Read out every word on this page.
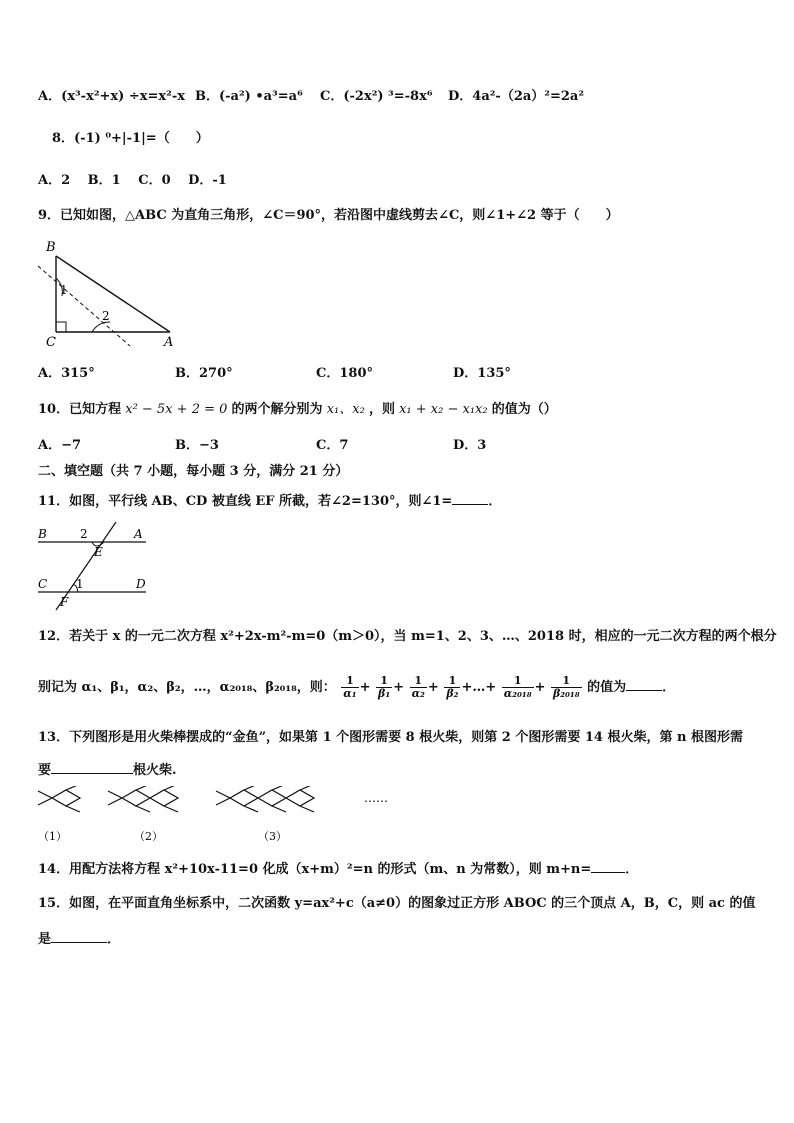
A．(x³-x²+x) ÷x=x²-x B．(-a²) •a³=a⁶ C．(-2x²) ³=-8x⁶ D．4a²-（2a）²=2a²
8．(-1) ⁰+|-1|=（　　）
A．2　 B．1　 C．0　 D．-1
9．已知如图，△ABC 为直角三角形，∠C＝90°，若沿图中虚线剪去∠C，则∠1+∠2 等于（　　）
B
C	A
1
2
A．315°	B．270°	C．180°	D．135°
10．已知方程 x² − 5x + 2 = 0 的两个解分别为 x₁、x₂ ，则 x₁ + x₂ − x₁x₂ 的值为（）
A．−7	B．−3	C．7	D．3
二、填空题（共 7 小题，每小题 3 分，满分 21 分）
11．如图，平行线 AB、CD 被直线 EF 所截，若∠2=130°，则∠1=	．
B	A
C	D
E
F
2
1
12．若关于 x 的一元二次方程 x²+2x-m²-m=0（m＞0），当 m=1、2、3、…、2018 时，相应的一元二次方程的两个根分
别记为 α₁、β₁，α₂、β₂，…，α₂₀₁₈、β₂₀₁₈，则： $\frac{1}{\text{α₁}} + \frac{1}{\text{β₁}} + \frac{1}{\text{α₂}} + \frac{1}{\text{β₂}}$ +…+ $\frac{1}{\text{α₂₀₁₈}} + \frac{1}{\text{β₂₀₁₈}}$ 的值为	．
13．下列图形是用火柴棒摆成的“金鱼”，如果第 1 个图形需要 8 根火柴，则第 2 个图形需要 14 根火柴，第 n 根图形需
要	根火柴.
（1）	（2）	（3）
……
14．用配方法将方程 x²+10x-11=0 化成（x+m）²=n 的形式（m、n 为常数），则 m+n=	．
15．如图，在平面直角坐标系中，二次函数 y=ax²+c（a≠0）的图象过正方形 ABOC 的三个顶点 A，B，C，则 ac 的值
是	．
